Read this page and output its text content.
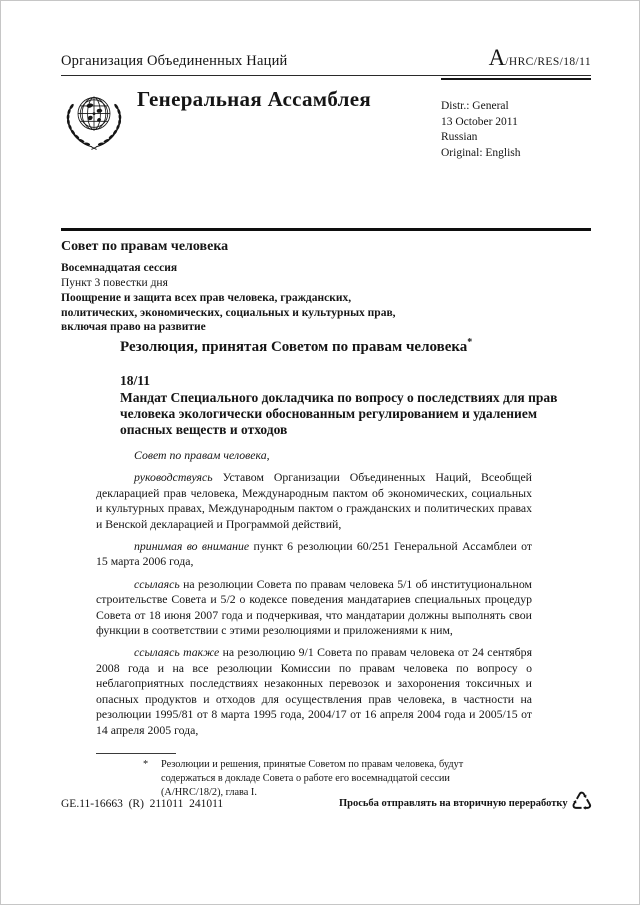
Организация Объединенных Наций	A/HRC/RES/18/11
Генеральная Ассамблея	Distr.: General
13 October 2011
Russian
Original: English
Совет по правам человека
Восемнадцатая сессия
Пункт 3 повестки дня
Поощрение и защита всех прав человека, гражданских, политических, экономических, социальных и культурных прав, включая право на развитие
Резолюция, принятая Советом по правам человека*
18/11
Мандат Специального докладчика по вопросу о последствиях для прав человека экологически обоснованным регулированием и удалением опасных веществ и отходов

Совет по правам человека,

руководствуясь Уставом Организации Объединенных Наций, Всеобщей декларацией прав человека, Международным пактом об экономических, социальных и культурных правах, Международным пактом о гражданских и политических правах и Венской декларацией и Программой действий,

принимая во внимание пункт 6 резолюции 60/251 Генеральной Ассамблеи от 15 марта 2006 года,

ссылаясь на резолюции Совета по правам человека 5/1 об институциональном строительстве Совета и 5/2 о кодексе поведения мандатариев специальных процедур Совета от 18 июня 2007 года и подчеркивая, что мандатарии должны выполнять свои функции в соответствии с этими резолюциями и приложениями к ним,

ссылаясь также на резолюцию 9/1 Совета по правам человека от 24 сентября 2008 года и на все резолюции Комиссии по правам человека по вопросу о неблагоприятных последствиях незаконных перевозок и захоронения токсичных и опасных продуктов и отходов для осуществления прав человека, в частности на резолюции 1995/81 от 8 марта 1995 года, 2004/17 от 16 апреля 2004 года и 2005/15 от 14 апреля 2005 года,

* Резолюции и решения, принятые Советом по правам человека, будут содержаться в докладе Совета о работе его восемнадцатой сессии (A/HRC/18/2), глава I.
GE.11-16663  (R)  211011  241011	Просьба отправлять на вторичную переработку ♺
